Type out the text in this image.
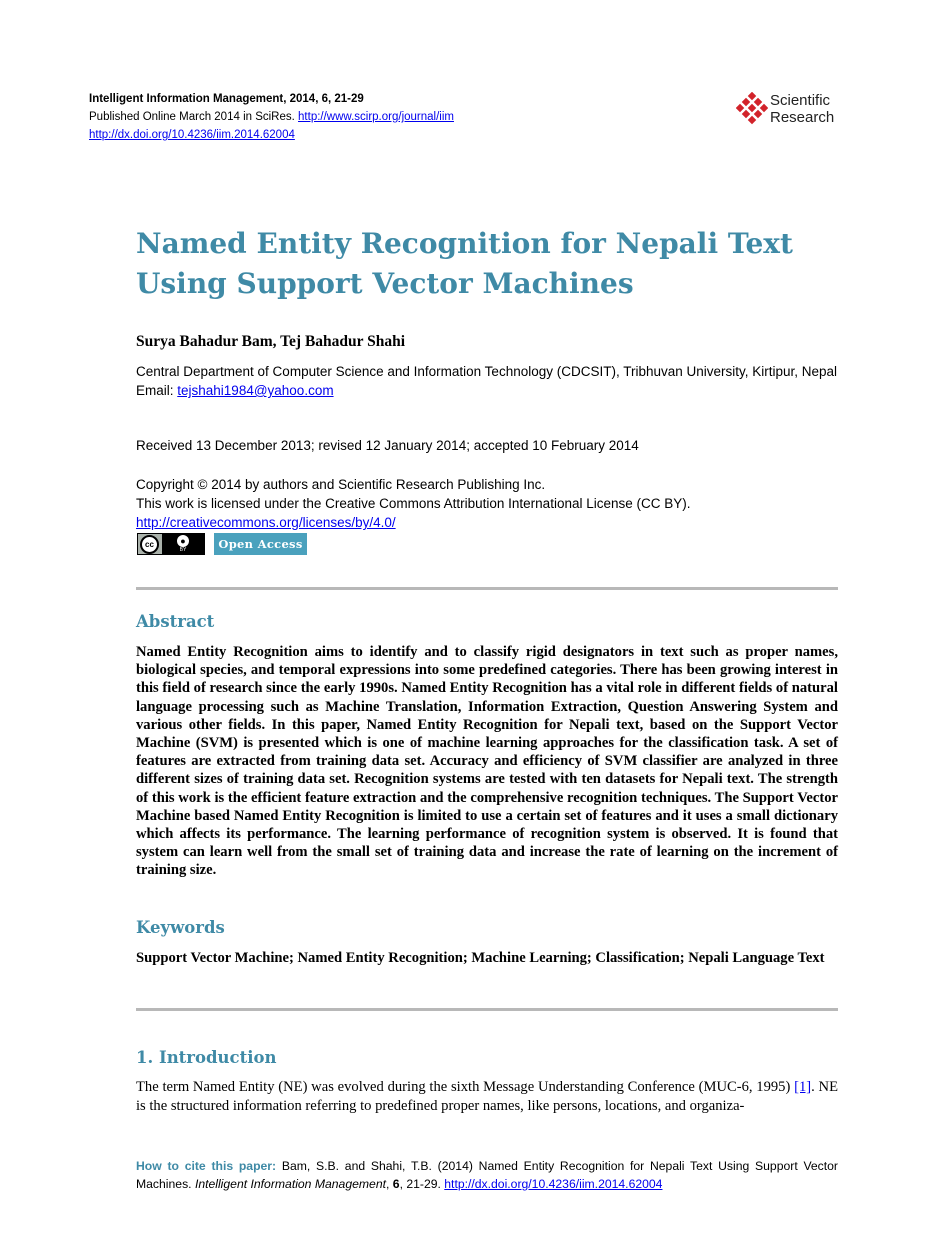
Intelligent Information Management, 2014, 6, 21-29
Published Online March 2014 in SciRes. http://www.scirp.org/journal/iim
http://dx.doi.org/10.4236/iim.2014.62004
Scientific
Research
Named Entity Recognition for Nepali Text
Using Support Vector Machines
Surya Bahadur Bam, Tej Bahadur Shahi
Central Department of Computer Science and Information Technology (CDCSIT), Tribhuvan University, Kirtipur, Nepal
Email: tejshahi1984@yahoo.com
Received 13 December 2013; revised 12 January 2014; accepted 10 February 2014
Copyright © 2014 by authors and Scientific Research Publishing Inc.
This work is licensed under the Creative Commons Attribution International License (CC BY).
http://creativecommons.org/licenses/by/4.0/
cc	●
BY	Open Access
Abstract
Named Entity Recognition aims to identify and to classify rigid designators in text such as proper names, biological species, and temporal expressions into some predefined categories. There has been growing interest in this field of research since the early 1990s. Named Entity Recognition has a vital role in different fields of natural language processing such as Machine Translation, Information Extraction, Question Answering System and various other fields. In this paper, Named Entity Recognition for Nepali text, based on the Support Vector Machine (SVM) is presented which is one of machine learning approaches for the classification task. A set of features are extracted from training data set. Accuracy and efficiency of SVM classifier are analyzed in three different sizes of training data set. Recognition systems are tested with ten datasets for Nepali text. The strength of this work is the efficient feature extraction and the comprehensive recognition techniques. The Support Vector Machine based Named Entity Recognition is limited to use a certain set of features and it uses a small dictionary which affects its performance. The learning performance of recognition system is observed. It is found that system can learn well from the small set of training data and increase the rate of learning on the increment of training size.
Keywords
Support Vector Machine; Named Entity Recognition; Machine Learning; Classification; Nepali Language Text
1. Introduction
The term Named Entity (NE) was evolved during the sixth Message Understanding Conference (MUC-6, 1995) [1]. NE is the structured information referring to predefined proper names, like persons, locations, and organiza-
How to cite this paper: Bam, S.B. and Shahi, T.B. (2014) Named Entity Recognition for Nepali Text Using Support Vector Machines. Intelligent Information Management, 6, 21-29. http://dx.doi.org/10.4236/iim.2014.62004
